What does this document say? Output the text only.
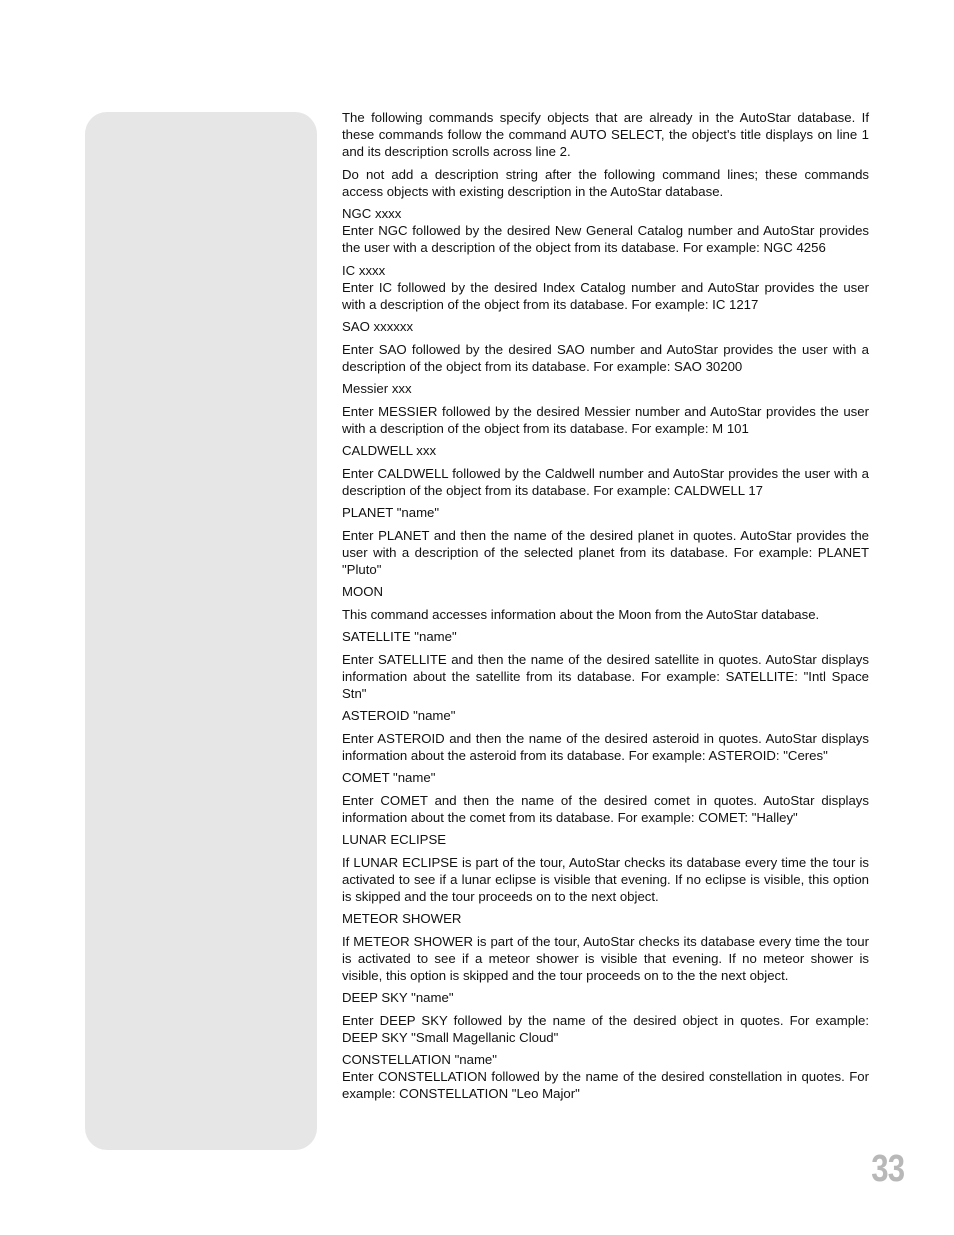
The following commands specify objects that are already in the AutoStar database. If these commands follow the command AUTO SELECT, the object's title displays on line 1 and its description scrolls across line 2.

Do not add a description string after the following command lines; these commands access objects with existing description in the AutoStar database.

NGC xxxx

Enter NGC followed by the desired New General Catalog number and AutoStar provides the user with a description of the object from its database. For example: NGC 4256

IC xxxx

Enter IC followed by the desired Index Catalog number and AutoStar provides the user with a description of the object from its database. For example: IC 1217

SAO xxxxxx

Enter SAO followed by the desired SAO number and AutoStar provides the user with a description of the object from its database. For example: SAO 30200

Messier xxx

Enter MESSIER followed by the desired Messier number and AutoStar provides the user with a description of the object from its database. For example: M 101

CALDWELL xxx

Enter CALDWELL followed by the Caldwell number and AutoStar provides the user with a description of the object from its database. For example: CALDWELL 17

PLANET "name"

Enter PLANET and then the name of the desired planet in quotes. AutoStar provides the user with a description of the selected planet from its database. For example: PLANET "Pluto"

MOON

This command accesses information about the Moon from the AutoStar database.

SATELLITE "name"

Enter SATELLITE and then the name of the desired satellite in quotes. AutoStar displays information about the satellite from its database. For example: SATELLITE: "Intl Space Stn"

ASTEROID "name"

Enter ASTEROID and then the name of the desired asteroid in quotes. AutoStar displays information about the asteroid from its database. For example: ASTEROID: "Ceres"

COMET "name"

Enter COMET and then the name of the desired comet in quotes. AutoStar displays information about the comet from its database. For example: COMET: "Halley"

LUNAR ECLIPSE

If LUNAR ECLIPSE is part of the tour, AutoStar checks its database every time the tour is activated to see if a lunar eclipse is visible that evening. If no eclipse is visible, this option is skipped and the tour proceeds on to the next object.

METEOR SHOWER

If METEOR SHOWER is part of the tour, AutoStar checks its database every time the tour is activated to see if a meteor shower is visible that evening. If no meteor shower is visible, this option is skipped and the tour proceeds on to the the next object.

DEEP SKY "name"

Enter DEEP SKY followed by the name of the desired object in quotes. For example: DEEP SKY "Small Magellanic Cloud"

CONSTELLATION "name"

Enter CONSTELLATION followed by the name of the desired constellation in quotes. For example: CONSTELLATION "Leo Major"

33
